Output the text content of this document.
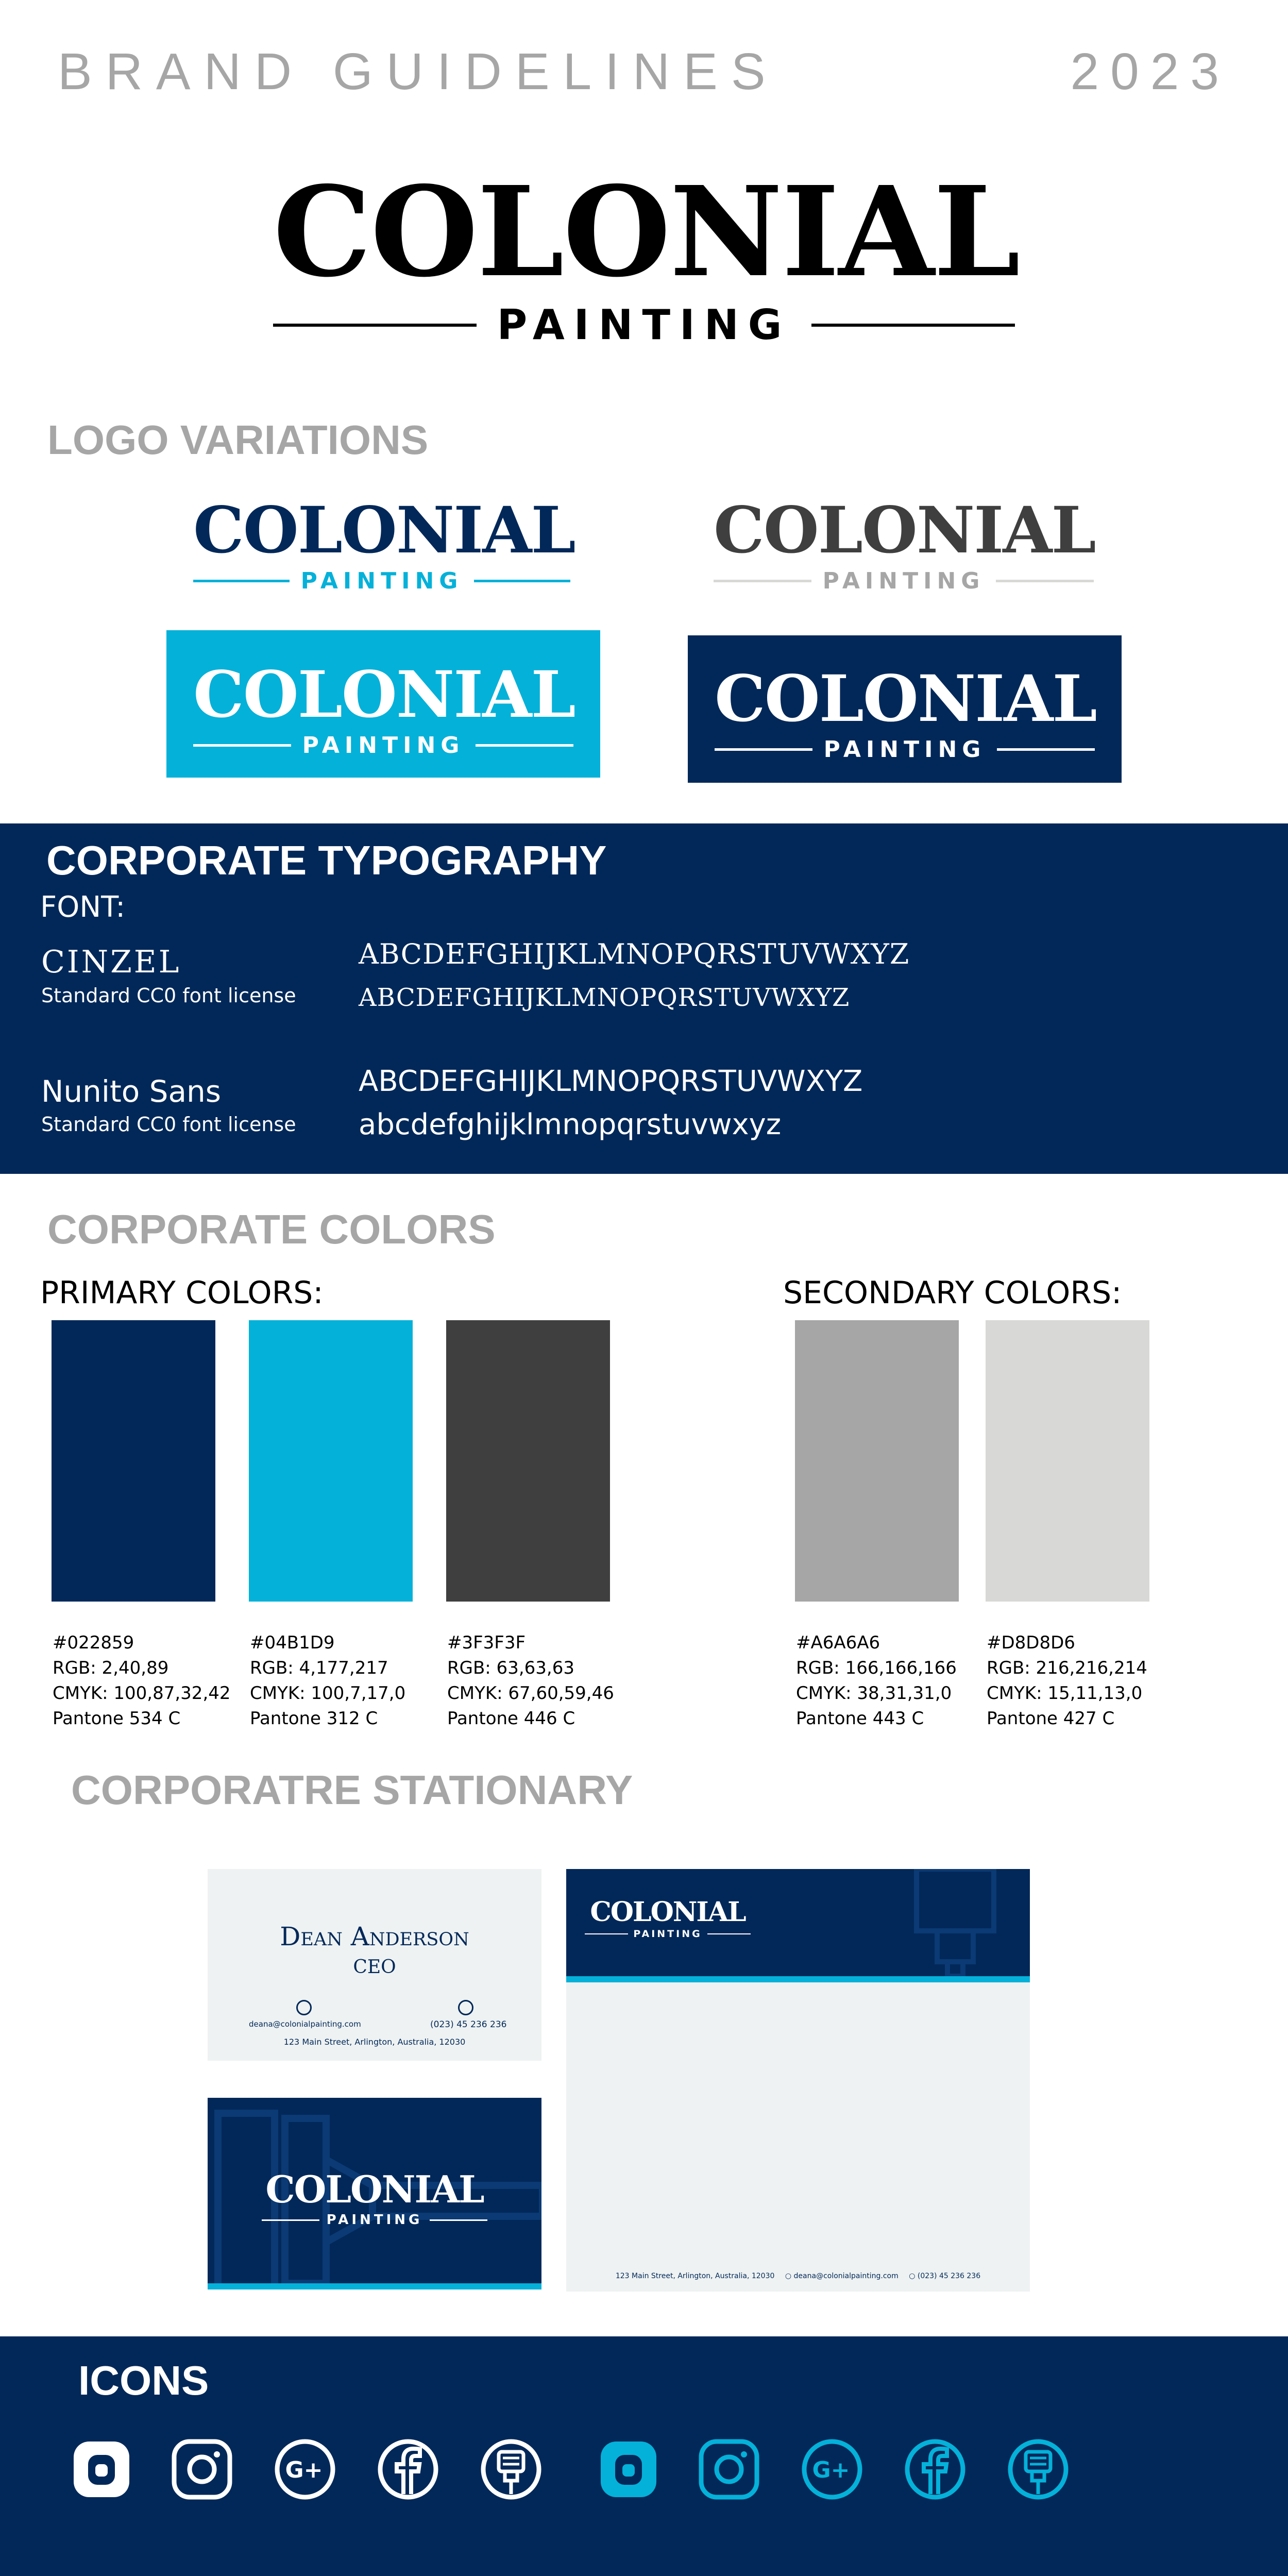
BRAND GUIDELINES	2023
COLONIAL
PAINTING
LOGO VARIATIONS
COLONIAL
PAINTING
COLONIAL
PAINTING
COLONIAL
PAINTING
COLONIAL
PAINTING
CORPORATE TYPOGRAPHY
FONT:
CINZEL
Standard CC0 font license
ABCDEFGHIJKLMNOPQRSTUVWXYZ
ABCDEFGHIJKLMNOPQRSTUVWXYZ
Nunito Sans
Standard CC0 font license
ABCDEFGHIJKLMNOPQRSTUVWXYZ
abcdefghijklmnopqrstuvwxyz
CORPORATE COLORS
PRIMARY COLORS:	SECONDARY COLORS:
#022859
RGB: 2,40,89
CMYK: 100,87,32,42
Pantone 534 C
#04B1D9
RGB: 4,177,217
CMYK: 100,7,17,0
Pantone 312 C
#3F3F3F
RGB: 63,63,63
CMYK: 67,60,59,46
Pantone 446 C
#A6A6A6
RGB: 166,166,166
CMYK: 38,31,31,0
Pantone 443 C
#D8D8D6
RGB: 216,216,214
CMYK: 15,11,13,0
Pantone 427 C
CORPORATRE STATIONARY
Dean Anderson
CEO
deana@colonialpainting.com	(023) 45 236 236
123 Main Street, Arlington, Australia, 12030
COLONIAL
PAINTING
COLONIAL
PAINTING
123 Main Street, Arlington, Australia, 12030 ○ deana@colonialpainting.com ○ (023) 45 236 236
ICONS
G+	G+
